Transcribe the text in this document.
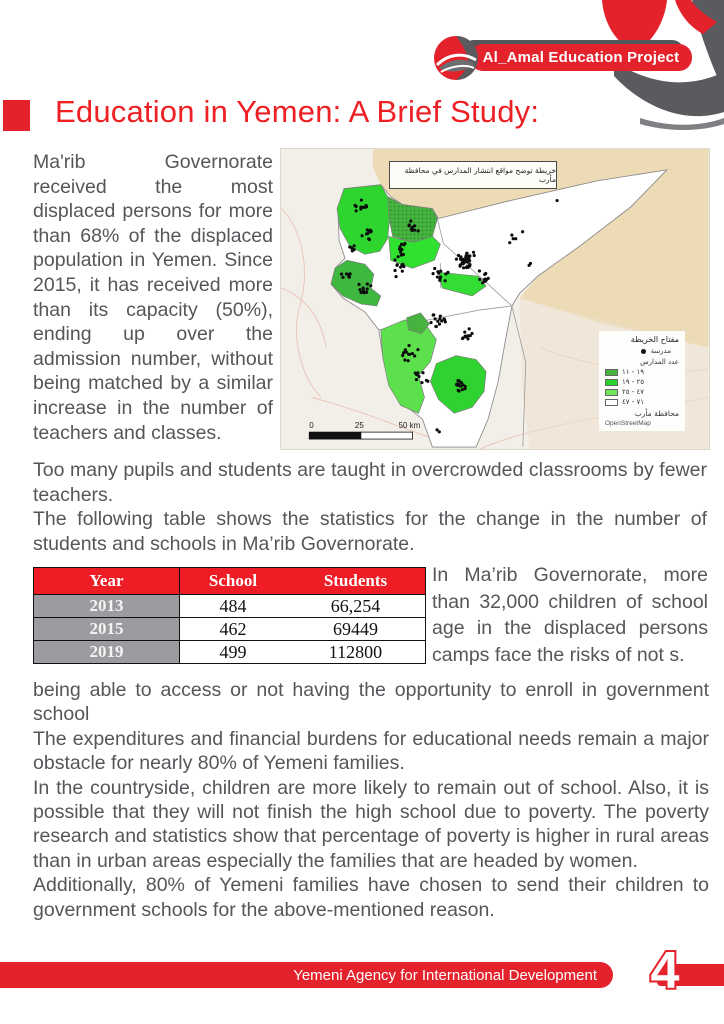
Al_Amal Education Project
Education in Yemen: A Brief Study:
Ma'rib Governorate received the most displaced persons for more than 68% of the displaced population in Yemen. Since 2015, it has received more than its capacity (50%), ending up over the admission number, without being matched by a similar increase in the number of teachers and classes.	0	25	50 km
خريطة توضح مواقع انتشار المدارس في محافظة مأرب
مفتاح الخريطة
مدرسة
عدد المدارس
١٩ - ١١
٢٥ - ١٩
٤٧ - ٢٥
٧١ - ٤٧
محافظة مأرب
OpenStreetMap

Too many pupils and students are taught in overcrowded classrooms by fewer teachers.

The following table shows the statistics for the change in the number of students and schools in Ma’rib Governorate.

Year	School	Students
2013	484	66,254
2015	462	69449
2019	499	112800
In Ma’rib Governorate, more than 32,000 children of school age in the displaced persons camps face the risks of not s.

being able to access or not having the opportunity to enroll in government school

The expenditures and financial burdens for educational needs remain a major obstacle for nearly 80% of Yemeni families.

In the countryside, children are more likely to remain out of school. Also, it is possible that they will not finish the high school due to poverty. The poverty research and statistics show that percentage of poverty is higher in rural areas than in urban areas especially the families that are headed by women.

Additionally, 80% of Yemeni families have chosen to send their children to government schools for the above-mentioned reason.

Yemeni Agency for International Development 4
